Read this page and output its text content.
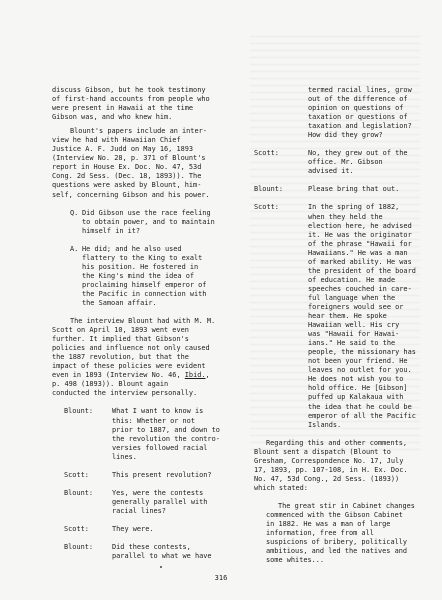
discuss Gibson, but he took testimony

of first-hand accounts from people who

were present in Hawaii at the time

Gibson was, and who knew him.

Blount's papers include an inter-

view he had with Hawaiian Chief

Justice A. F. Judd on May 16, 1893

(Interview No. 28, p. 371 of Blount's

report in House Ex. Doc. No. 47, 53d

Cong. 2d Sess. (Dec. 18, 1893)). The

questions were asked by Blount, him-

self, concerning Gibson and his power.

Q. Did Gibson use the race feeling

to obtain power, and to maintain

himself in it?

A. He did; and he also used

flattery to the King to exalt

his position. He fostered in

the King's mind the idea of

proclaiming himself emperor of

the Pacific in connection with

the Samoan affair.

The interview Blount had with M. M.

Scott on April 10, 1893 went even

further. It implied that Gibson's

policies and influence not only caused

the 1887 revolution, but that the

impact of these policies were evident

even in 1893 (Interview No. 46, Ibid.,

p. 498 (1893)). Blount again

conducted the interview personally.

Blount:	What I want to know is

this: Whether or not

prior to 1887, and down to

the revolution the contro-

versies followed racial

lines.

Scott:	This present revolution?

Blount:	Yes, were the contests

generally parallel with

racial lines?

Scott:	They were.

Blount:	Did these contests,

parallel to what we have

termed racial lines, grow

out of the difference of

opinion on questions of

taxation or questions of

taxation and legislation?

How did they grow?

Scott:	No, they grew out of the

office. Mr. Gibson

advised it.

Blount:	Please bring that out.

Scott:	In the spring of 1882,

when they held the

election here, he advised

it. He was the originator

of the phrase "Hawaii for

Hawaiians." He was a man

of marked ability. He was

the president of the board

of education. He made

speeches couched in care-

ful language when the

foreigners would see or

hear them. He spoke

Hawaiian well. His cry

was "Hawaii for Hawai-

ians." He said to the

people, the missionary has

not been your friend. He

leaves no outlet for you.

He does not wish you to

hold office. He [Gibson]

puffed up Kalakaua with

the idea that he could be

emperor of all the Pacific

Islands.

Regarding this and other comments,

Blount sent a dispatch (Blount to

Gresham, Correspondence No. 17, July

17, 1893, pp. 107-108, in H. Ex. Doc.

No. 47, 53d Cong., 2d Sess. (1893))

which stated:

The great stir in Cabinet changes

commenced with the Gibson Cabinet

in 1882. He was a man of large

information, free from all

suspicions of bribery, politically

ambitious, and led the natives and

some whites...

316
